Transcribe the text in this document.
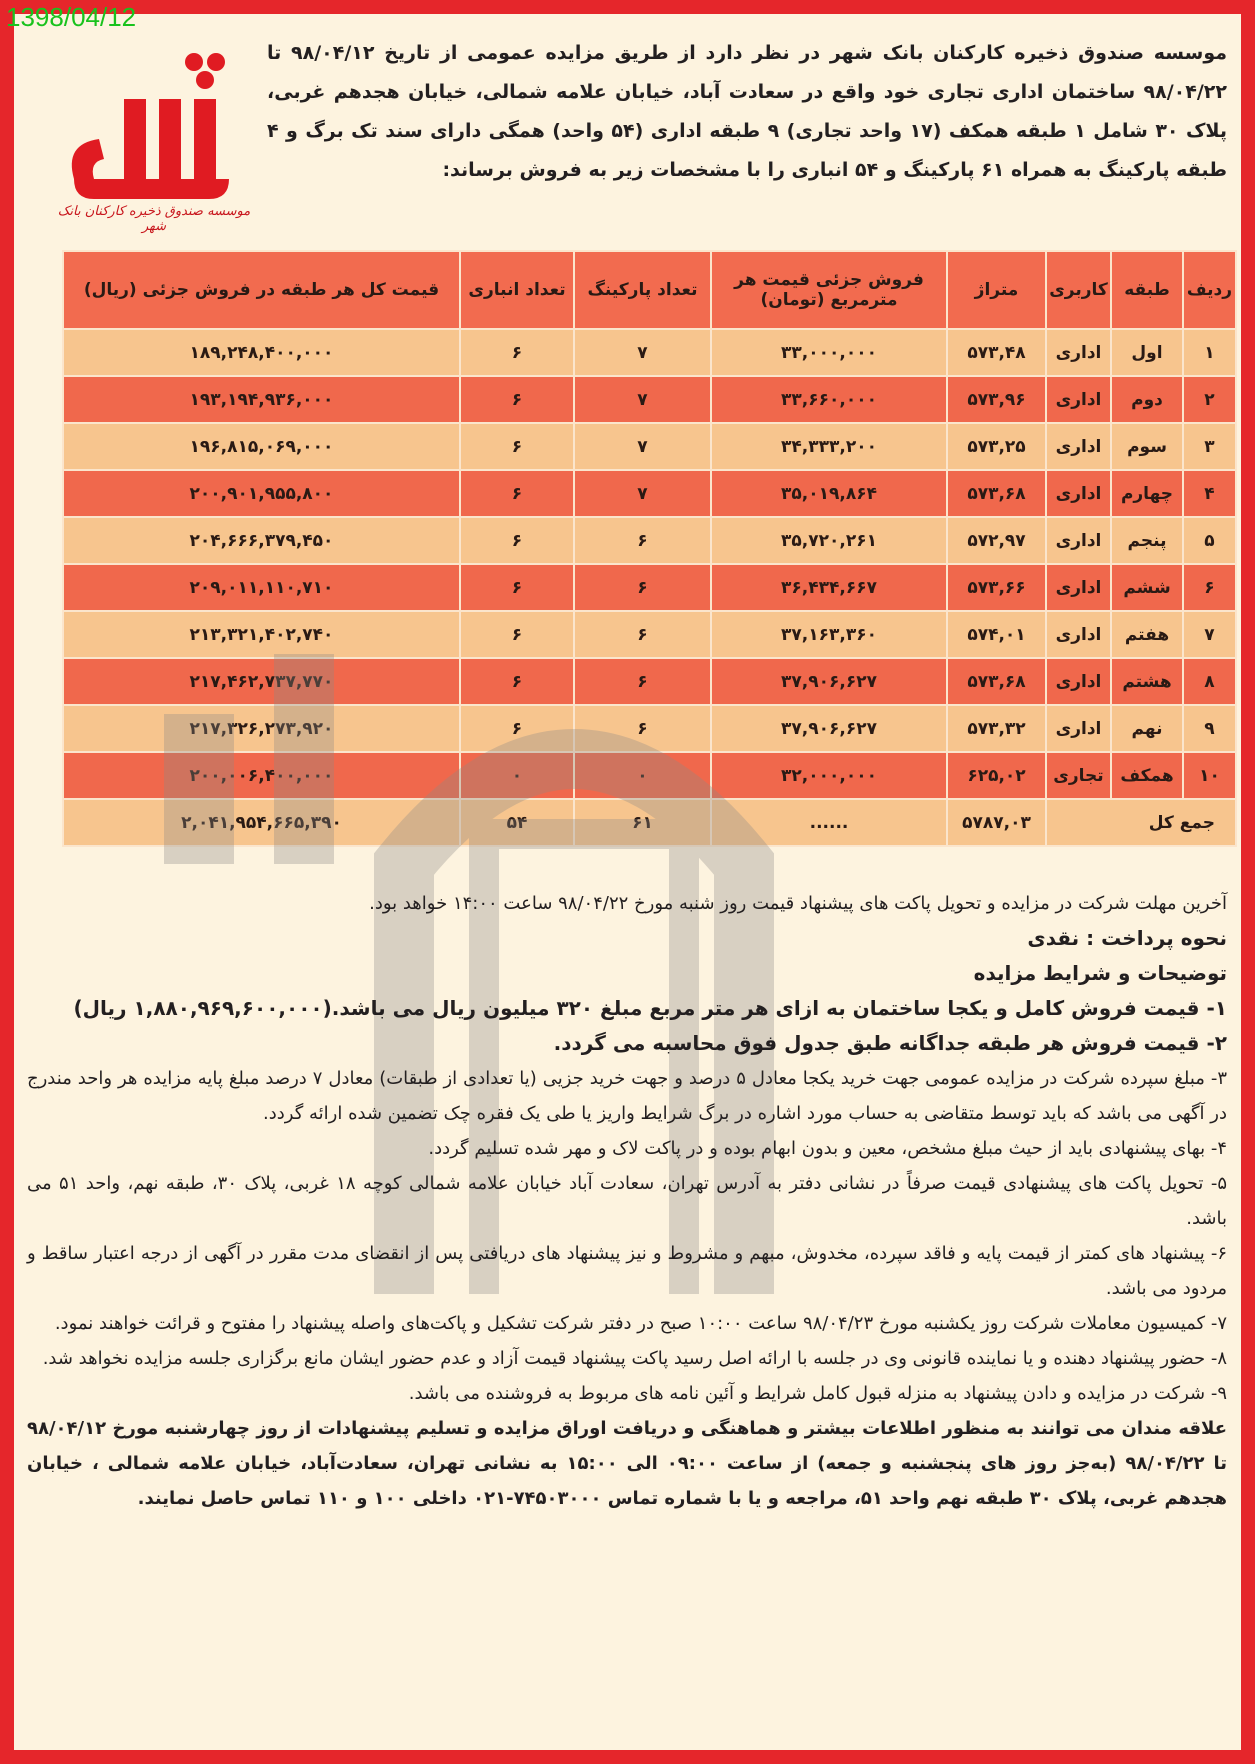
1398/04/12
موسسه صندوق ذخیره کارکنان بانک شهر
موسسه صندوق ذخیره کارکنان بانک شهر در نظر دارد از طریق مزایده عمومی از تاریخ ۹۸/۰۴/۱۲ تا ۹۸/۰۴/۲۲ ساختمان اداری تجاری خود واقع در سعادت آباد، خیابان علامه شمالی، خیابان هجدهم غربی، پلاک ۳۰ شامل ۱ طبقه همکف (۱۷ واحد تجاری) ۹ طبقه اداری (۵۴ واحد) همگی دارای سند تک برگ و ۴ طبقه پارکینگ به همراه ۶۱ پارکینگ و ۵۴ انباری را با مشخصات زیر به فروش برساند:
ردیف	طبقه	کاربری	متراژ	فروش جزئی قیمت هر مترمربع (تومان)	تعداد پارکینگ	تعداد انباری	قیمت کل هر طبقه در فروش جزئی (ریال)
۱	اول	اداری	۵۷۳,۴۸	۳۳,۰۰۰,۰۰۰	۷	۶	۱۸۹,۲۴۸,۴۰۰,۰۰۰
۲	دوم	اداری	۵۷۳,۹۶	۳۳,۶۶۰,۰۰۰	۷	۶	۱۹۳,۱۹۴,۹۳۶,۰۰۰
۳	سوم	اداری	۵۷۳,۲۵	۳۴,۳۳۳,۲۰۰	۷	۶	۱۹۶,۸۱۵,۰۶۹,۰۰۰
۴	چهارم	اداری	۵۷۳,۶۸	۳۵,۰۱۹,۸۶۴	۷	۶	۲۰۰,۹۰۱,۹۵۵,۸۰۰
۵	پنجم	اداری	۵۷۲,۹۷	۳۵,۷۲۰,۲۶۱	۶	۶	۲۰۴,۶۶۶,۳۷۹,۴۵۰
۶	ششم	اداری	۵۷۳,۶۶	۳۶,۴۳۴,۶۶۷	۶	۶	۲۰۹,۰۱۱,۱۱۰,۷۱۰
۷	هفتم	اداری	۵۷۴,۰۱	۳۷,۱۶۳,۳۶۰	۶	۶	۲۱۳,۳۲۱,۴۰۲,۷۴۰
۸	هشتم	اداری	۵۷۳,۶۸	۳۷,۹۰۶,۶۲۷	۶	۶	۲۱۷,۴۶۲,۷۳۷,۷۷۰
۹	نهم	اداری	۵۷۳,۳۲	۳۷,۹۰۶,۶۲۷	۶	۶	۲۱۷,۳۲۶,۲۷۳,۹۲۰
۱۰	همکف	تجاری	۶۲۵,۰۲	۳۲,۰۰۰,۰۰۰	۰	۰	۲۰۰,۰۰۶,۴۰۰,۰۰۰
جمع کل			۵۷۸۷,۰۳	......	۶۱	۵۴	۲,۰۴۱,۹۵۴,۶۶۵,۳۹۰

آخرین مهلت شرکت در مزایده و تحویل پاکت های پیشنهاد قیمت روز شنبه مورخ ۹۸/۰۴/۲۲ ساعت ۱۴:۰۰ خواهد بود.

نحوه پرداخت : نقدی

توضیحات و شرایط مزایده

۱- قیمت فروش کامل و یکجا ساختمان به ازای هر متر مربع مبلغ ۳۲۰ میلیون ریال می باشد.(۱,۸۸۰,۹۶۹,۶۰۰,۰۰۰ ریال)

۲- قیمت فروش هر طبقه جداگانه طبق جدول فوق محاسبه می گردد.

۳- مبلغ سپرده شرکت در مزایده عمومی جهت خرید یکجا معادل ۵ درصد و جهت خرید جزیی (یا تعدادی از طبقات) معادل ۷ درصد مبلغ پایه مزایده هر واحد مندرج در آگهی می باشد که باید توسط متقاضی به حساب مورد اشاره در برگ شرایط واریز یا طی یک فقره چک تضمین شده ارائه گردد.

۴- بهای پیشنهادی باید از حیث مبلغ مشخص، معین و بدون ابهام بوده و در پاکت لاک و مهر شده تسلیم گردد.

۵- تحویل پاکت های پیشنهادی قیمت صرفاً در نشانی دفتر به آدرس تهران، سعادت آباد خیابان علامه شمالی کوچه ۱۸ غربی، پلاک ۳۰، طبقه نهم، واحد ۵۱ می باشد.

۶- پیشنهاد های کمتر از قیمت پایه و فاقد سپرده، مخدوش، مبهم و مشروط و نیز پیشنهاد های دریافتی پس از انقضای مدت مقرر در آگهی از درجه اعتبار ساقط و مردود می باشد.

۷- کمیسیون معاملات شرکت روز یکشنبه مورخ ۹۸/۰۴/۲۳ ساعت ۱۰:۰۰ صبح در دفتر شرکت تشکیل و پاکت‌های واصله پیشنهاد را مفتوح و قرائت خواهند نمود.

۸- حضور پیشنهاد دهنده و یا نماینده قانونی وی در جلسه با ارائه اصل رسید پاکت پیشنهاد قیمت آزاد و عدم حضور ایشان مانع برگزاری جلسه مزایده نخواهد شد.

۹- شرکت در مزایده و دادن پیشنهاد به منزله قبول کامل شرایط و آئین نامه های مربوط به فروشنده می باشد.

علاقه مندان می توانند به منظور اطلاعات بیشتر و هماهنگی و دریافت اوراق مزایده و تسلیم پیشنهادات از روز چهارشنبه مورخ ۹۸/۰۴/۱۲ تا ۹۸/۰۴/۲۲ (به‌جز روز های پنجشنبه و جمعه) از ساعت ۰۹:۰۰ الی ۱۵:۰۰ به نشانی تهران، سعادت‌آباد، خیابان علامه شمالی ، خیابان هجدهم غربی، پلاک ۳۰ طبقه نهم واحد ۵۱، مراجعه و یا با شماره تماس ۷۴۵۰۳۰۰۰-۰۲۱ داخلی ۱۰۰ و ۱۱۰ تماس حاصل نمایند.
